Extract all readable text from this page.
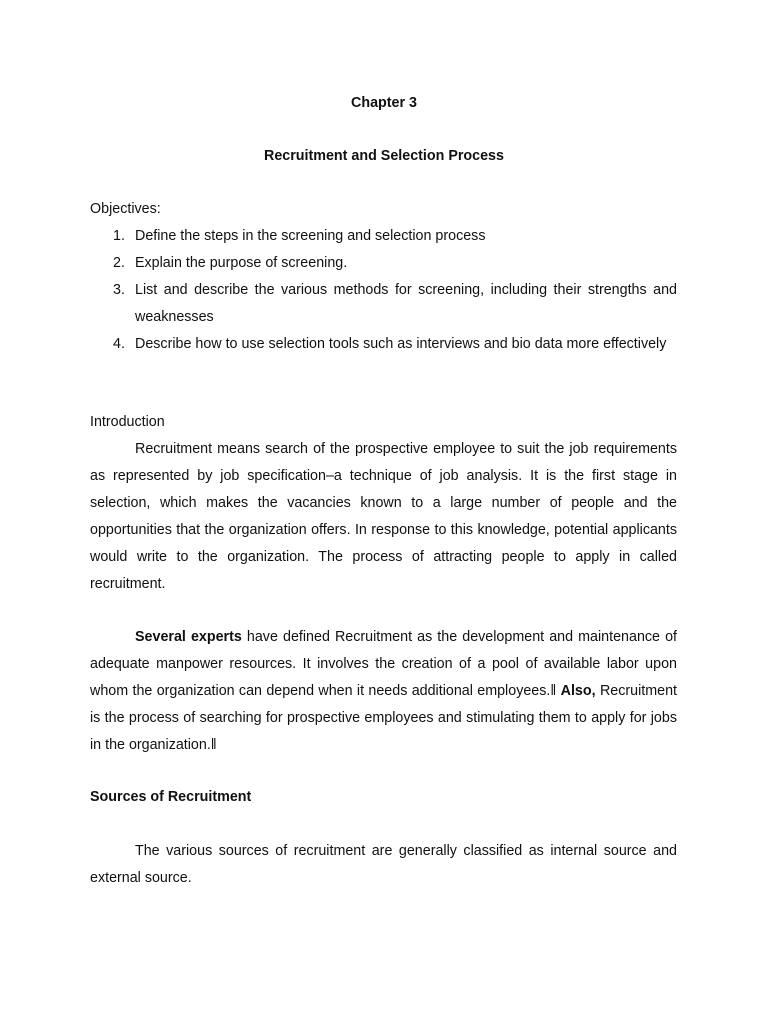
Chapter 3
Recruitment and Selection Process
Objectives:
1. Define the steps in the screening and selection process
2. Explain the purpose of screening.
3. List and describe the various methods for screening, including their strengths and weaknesses
4. Describe how to use selection tools such as interviews and bio data more effectively
Introduction

Recruitment means search of the prospective employee to suit the job requirements as represented by job specification–a technique of job analysis. It is the first stage in selection, which makes the vacancies known to a large number of people and the opportunities that the organization offers. In response to this knowledge, potential applicants would write to the organization. The process of attracting people to apply in called recruitment.

Several experts have defined Recruitment as the development and maintenance of adequate manpower resources. It involves the creation of a pool of available labor upon whom the organization can depend when it needs additional employees.‖ Also, Recruitment is the process of searching for prospective employees and stimulating them to apply for jobs in the organization.‖

Sources of Recruitment

The various sources of recruitment are generally classified as internal source and external source.
